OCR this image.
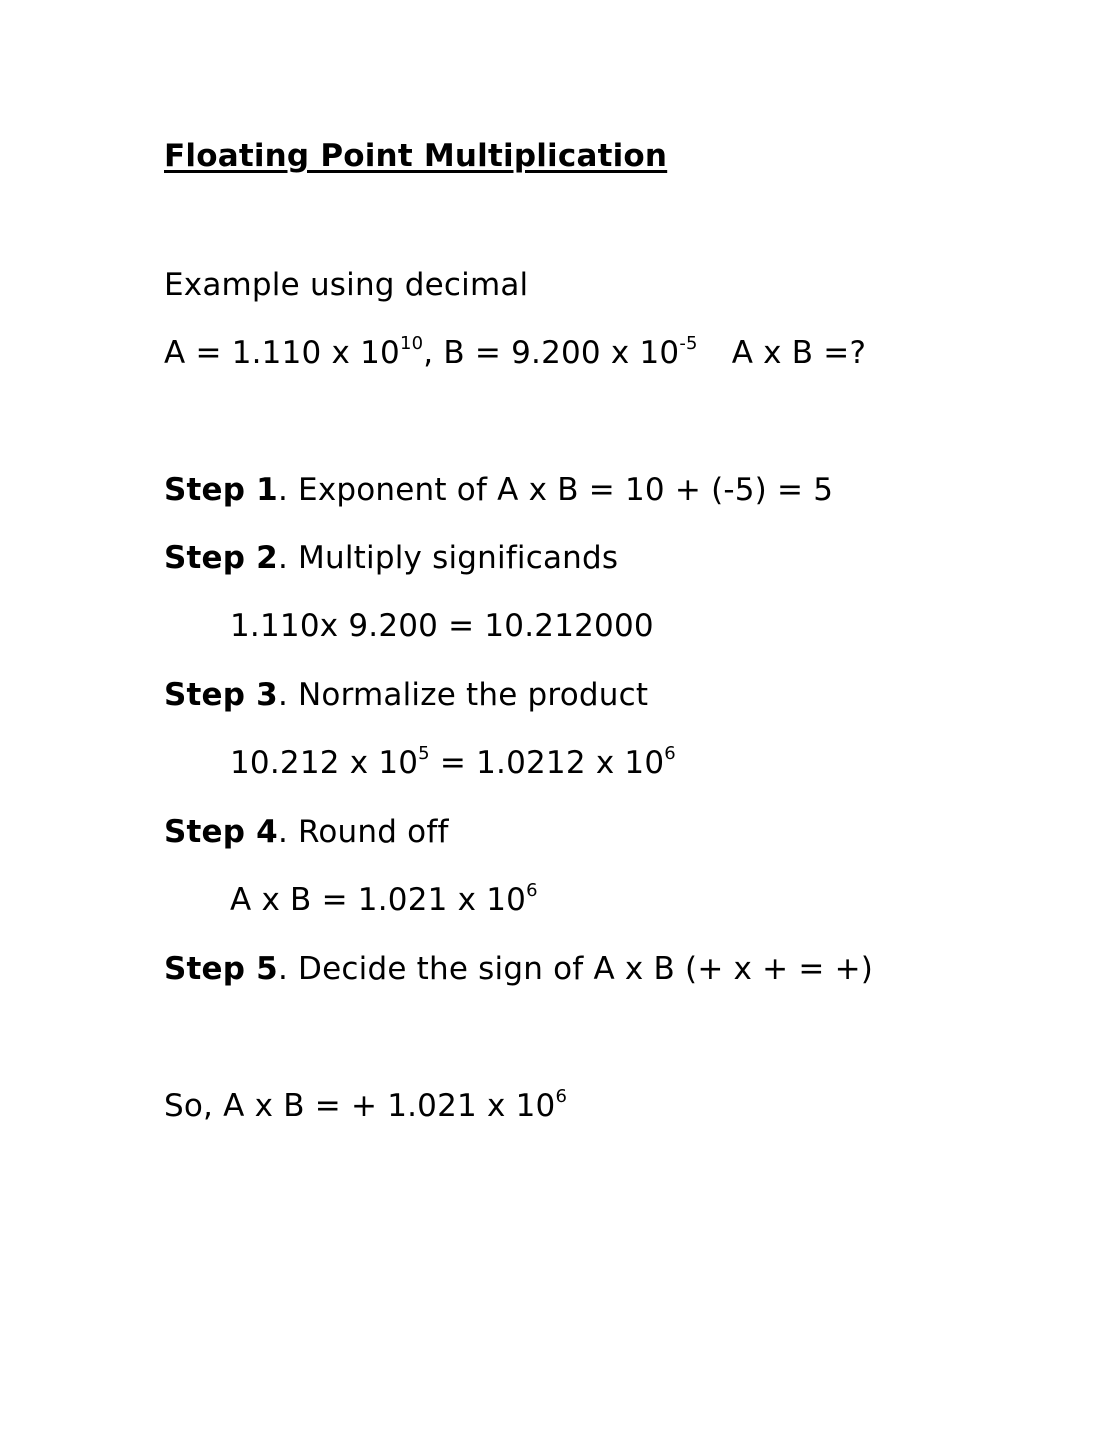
Floating Point Multiplication
Example using decimal
A = 1.110 x $10^{10}$, B = 9.200 x $10^{-5}$ A x B =?
Step 1. Exponent of A x B = 10 + (-5) = 5
Step 2. Multiply significands
1.110x 9.200 = 10.212000
Step 3. Normalize the product
10.212 x $10^5 = 1.0212$ x $10^6$
Step 4. Round off
A x B = 1.021 x $10^6$
Step 5. Decide the sign of A x B (+ x + = +)
So, A x B = + 1.021 x $10^6$
